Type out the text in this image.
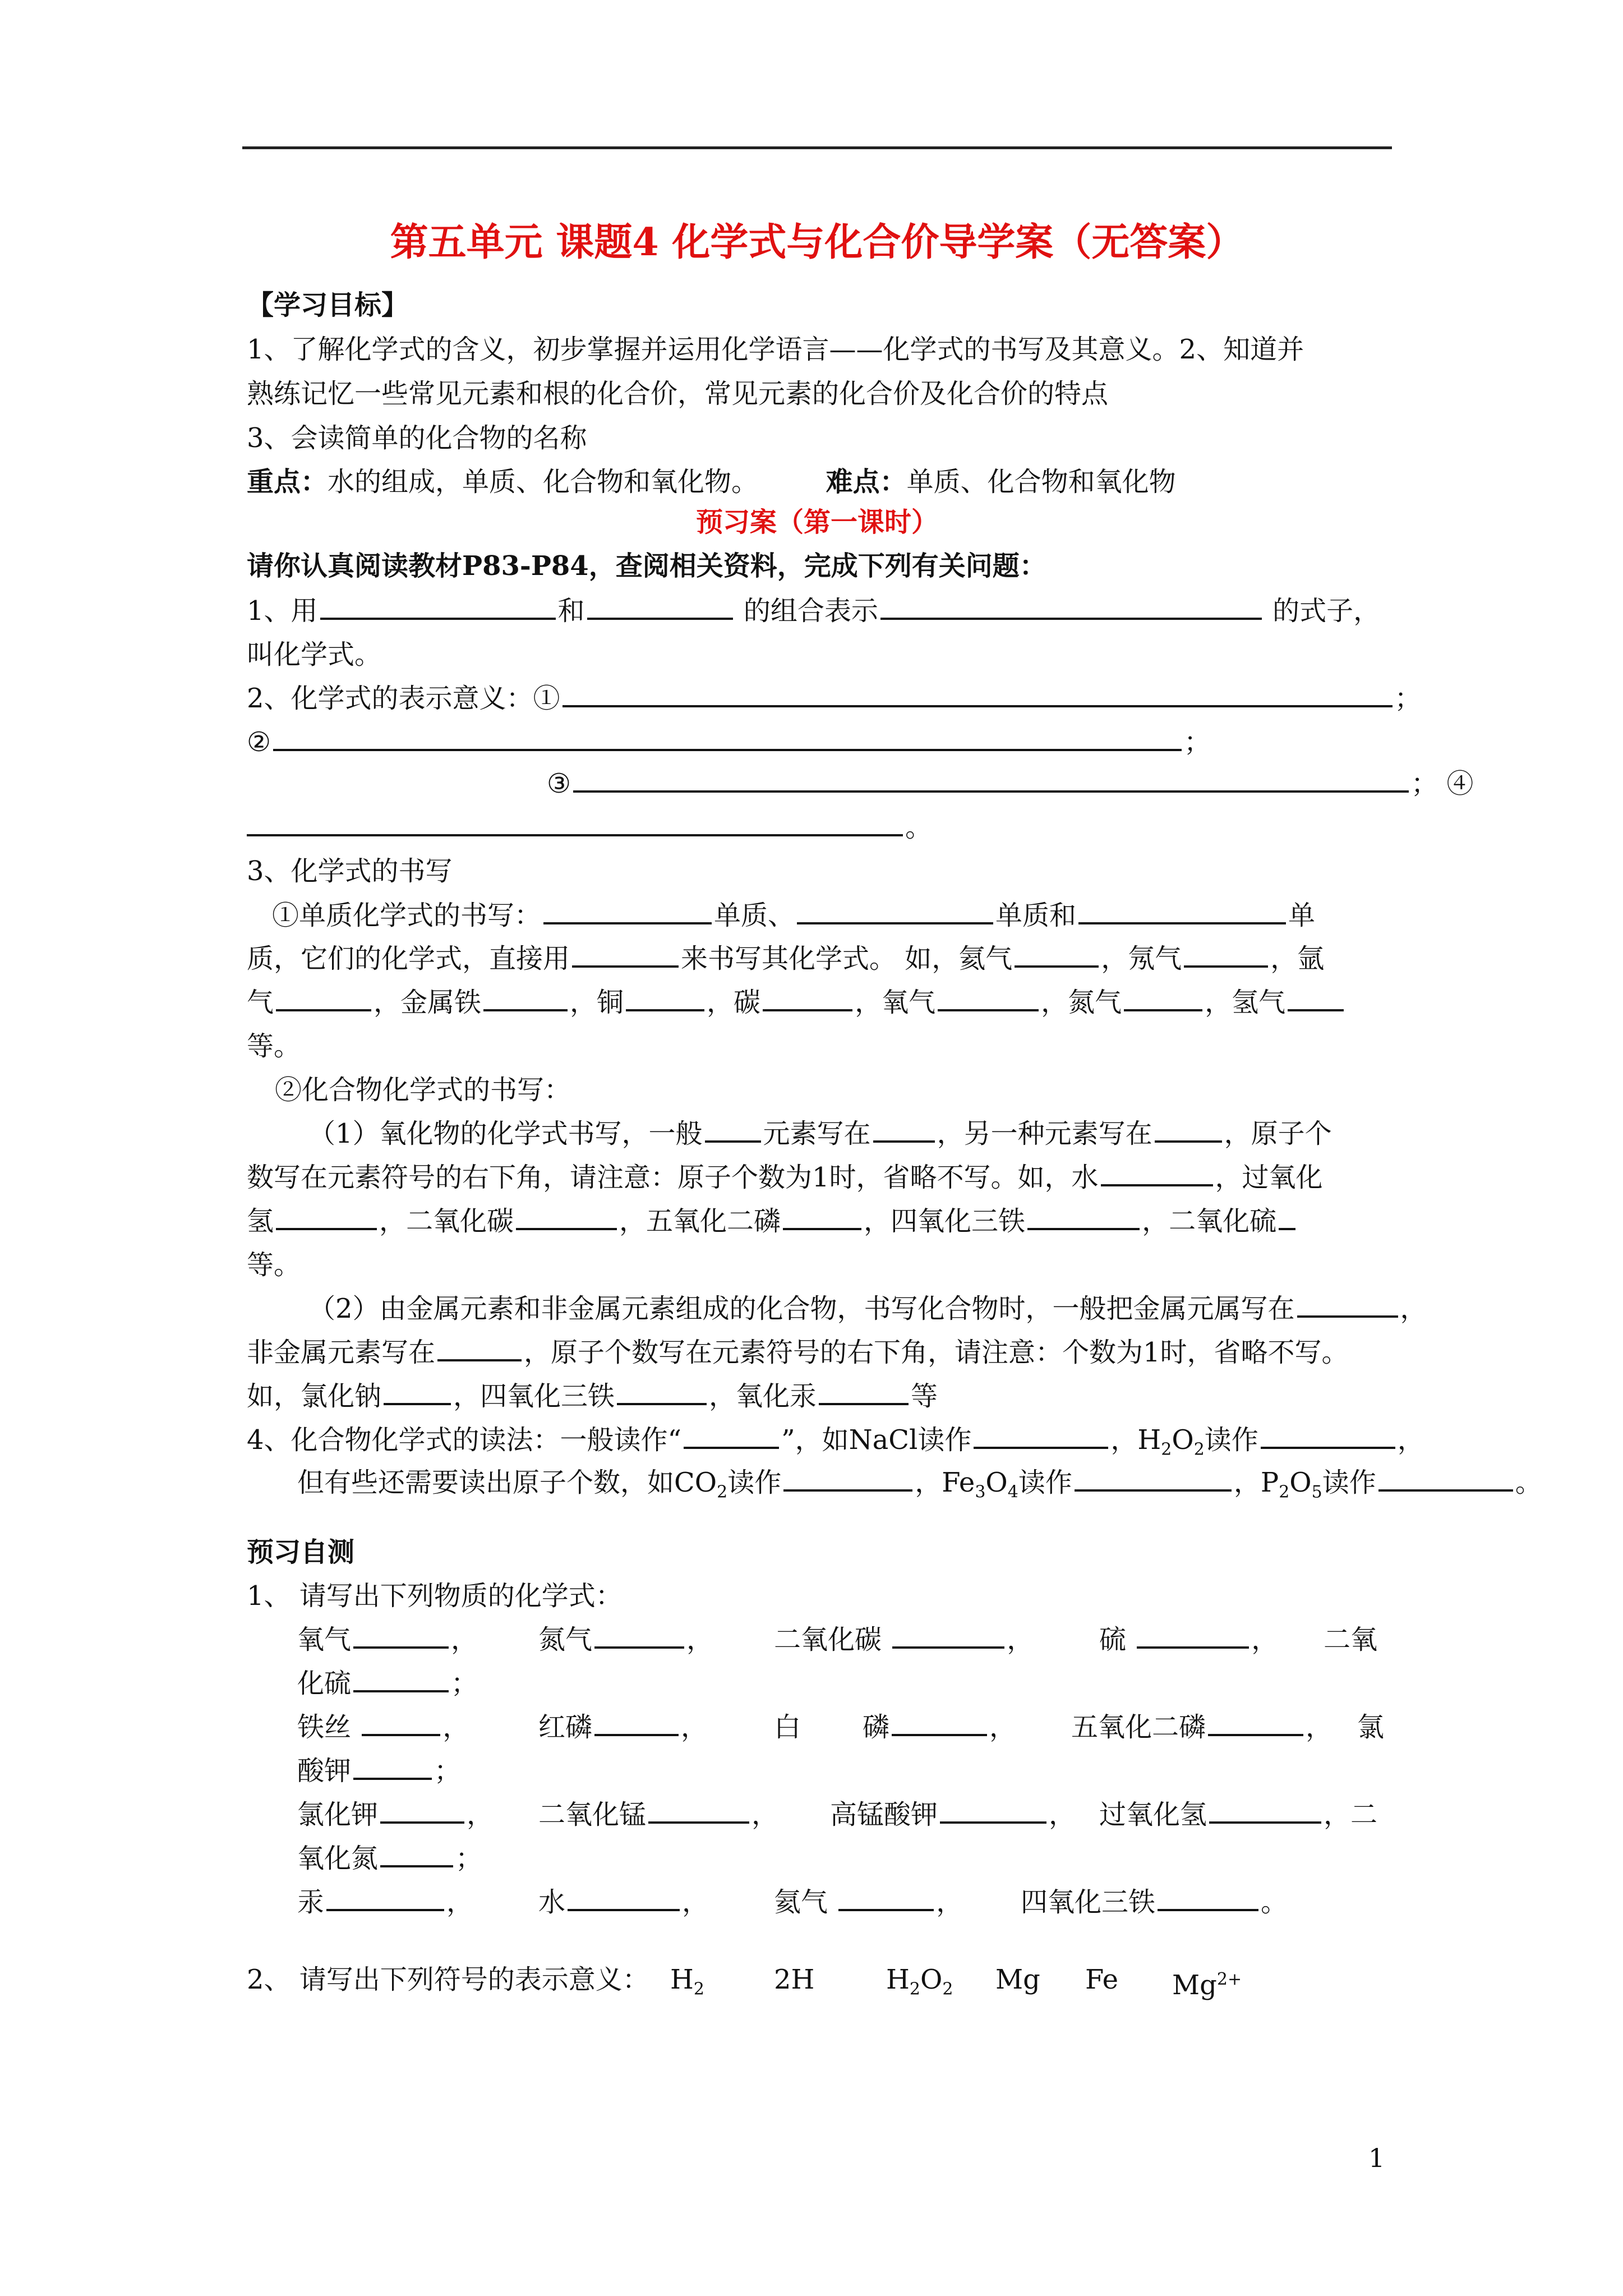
第五单元 课题4 化学式与化合价导学案（无答案）
【学习目标】
1、了解化学式的含义，初步掌握并运用化学语言——化学式的书写及其意义。2、知道并
熟练记忆一些常见元素和根的化合价，常见元素的化合价及化合价的特点
3、会读简单的化合物的名称
重点：水的组成，单质、化合物和氧化物。	难点：单质、化合物和氧化物
预习案（第一课时）
请你认真阅读教材P83-P84，查阅相关资料，完成下列有关问题：
1、用	和	的组合表示	的式子，
叫化学式。
2、化学式的表示意义：①	；
②	；
③	； ④
。
3、化学式的书写
①单质化学式的书写：	单质、	单质和	单
质，它们的化学式，直接用	来书写其化学式。 如，氦气	，氖气	，氩
气	，金属铁	，铜	，碳	，氧气	，氮气	，氢气
等。
②化合物化学式的书写：
（1）氧化物的化学式书写，一般 元素写在 ，另一种元素写在	，原子个
数写在元素符号的右下角，请注意：原子个数为1时，省略不写。如，水	，过氧化
氢	，二氧化碳	，五氧化二磷	，四氧化三铁	，二氧化硫
等。
（2）由金属元素和非金属元素组成的化合物，书写化合物时，一般把金属元属写在	，
非金属元素写在	，原子个数写在元素符号的右下角，请注意：个数为1时，省略不写。
如，氯化钠	，四氧化三铁	，氧化汞	等
4、化合物化学式的读法：一般读作“	”，如NaCl读作	，$H_2O_2$读作	，
但有些还需要读出原子个数，如$CO_2$读作	，$Fe_3O_4$读作	，$P_2O_5$读作	。
预习自测
1、 请写出下列物质的化学式：
氧气	， 氮气	， 二氧化碳	， 硫	， 二氧
化硫	；
铁丝	，	红磷	， 白 磷	， 五氧化二磷	， 氯
酸钾	；
氯化钾	， 二氧化锰	， 高锰酸钾	， 过氧化氢	，二
氧化氮	；
汞	， 水	， 氦气	， 四氧化三铁	。
2、 请写出下列符号的表示意义： $H_2$	2H	$H_2O_2$ Mg Fe $Mg^{2+}$
1
